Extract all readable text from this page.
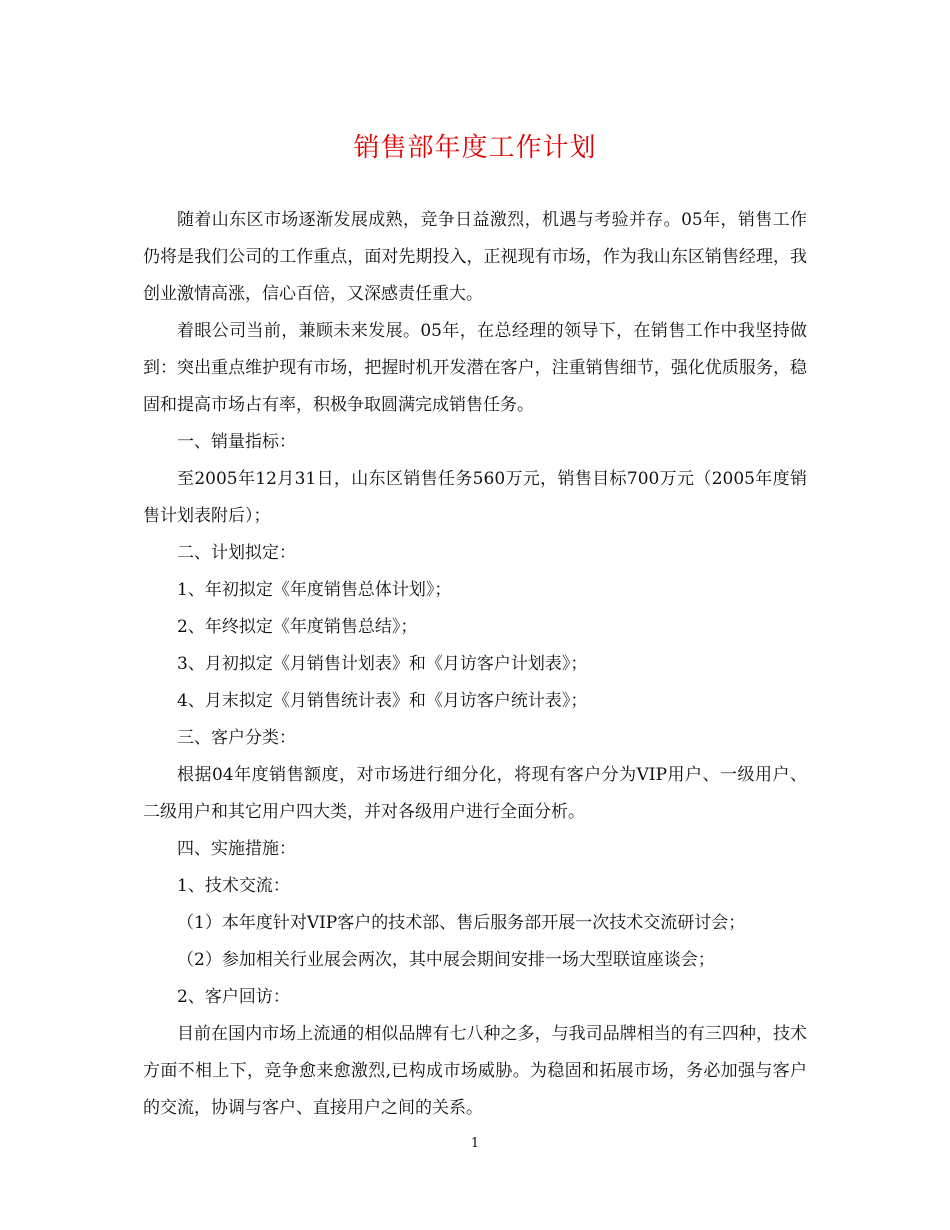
销售部年度工作计划

随着山东区市场逐渐发展成熟，竞争日益激烈，机遇与考验并存。05年，销售工作仍将是我们公司的工作重点，面对先期投入，正视现有市场，作为我山东区销售经理，我创业激情高涨，信心百倍，又深感责任重大。

着眼公司当前，兼顾未来发展。05年，在总经理的领导下，在销售工作中我坚持做到：突出重点维护现有市场，把握时机开发潜在客户，注重销售细节，强化优质服务，稳固和提高市场占有率，积极争取圆满完成销售任务。

一、销量指标：

至2005年12月31日，山东区销售任务560万元，销售目标700万元（2005年度销售计划表附后）；

二、计划拟定：

1、年初拟定《年度销售总体计划》；

2、年终拟定《年度销售总结》；

3、月初拟定《月销售计划表》和《月访客户计划表》；

4、月末拟定《月销售统计表》和《月访客户统计表》；

三、客户分类：

根据04年度销售额度，对市场进行细分化，将现有客户分为VIP用户、一级用户、二级用户和其它用户四大类，并对各级用户进行全面分析。

四、实施措施：

1、技术交流：

（1）本年度针对VIP客户的技术部、售后服务部开展一次技术交流研讨会；

（2）参加相关行业展会两次，其中展会期间安排一场大型联谊座谈会；

2、客户回访：

目前在国内市场上流通的相似品牌有七八种之多，与我司品牌相当的有三四种，技术方面不相上下，竞争愈来愈激烈,已构成市场威胁。为稳固和拓展市场，务必加强与客户的交流，协调与客户、直接用户之间的关系。

1
